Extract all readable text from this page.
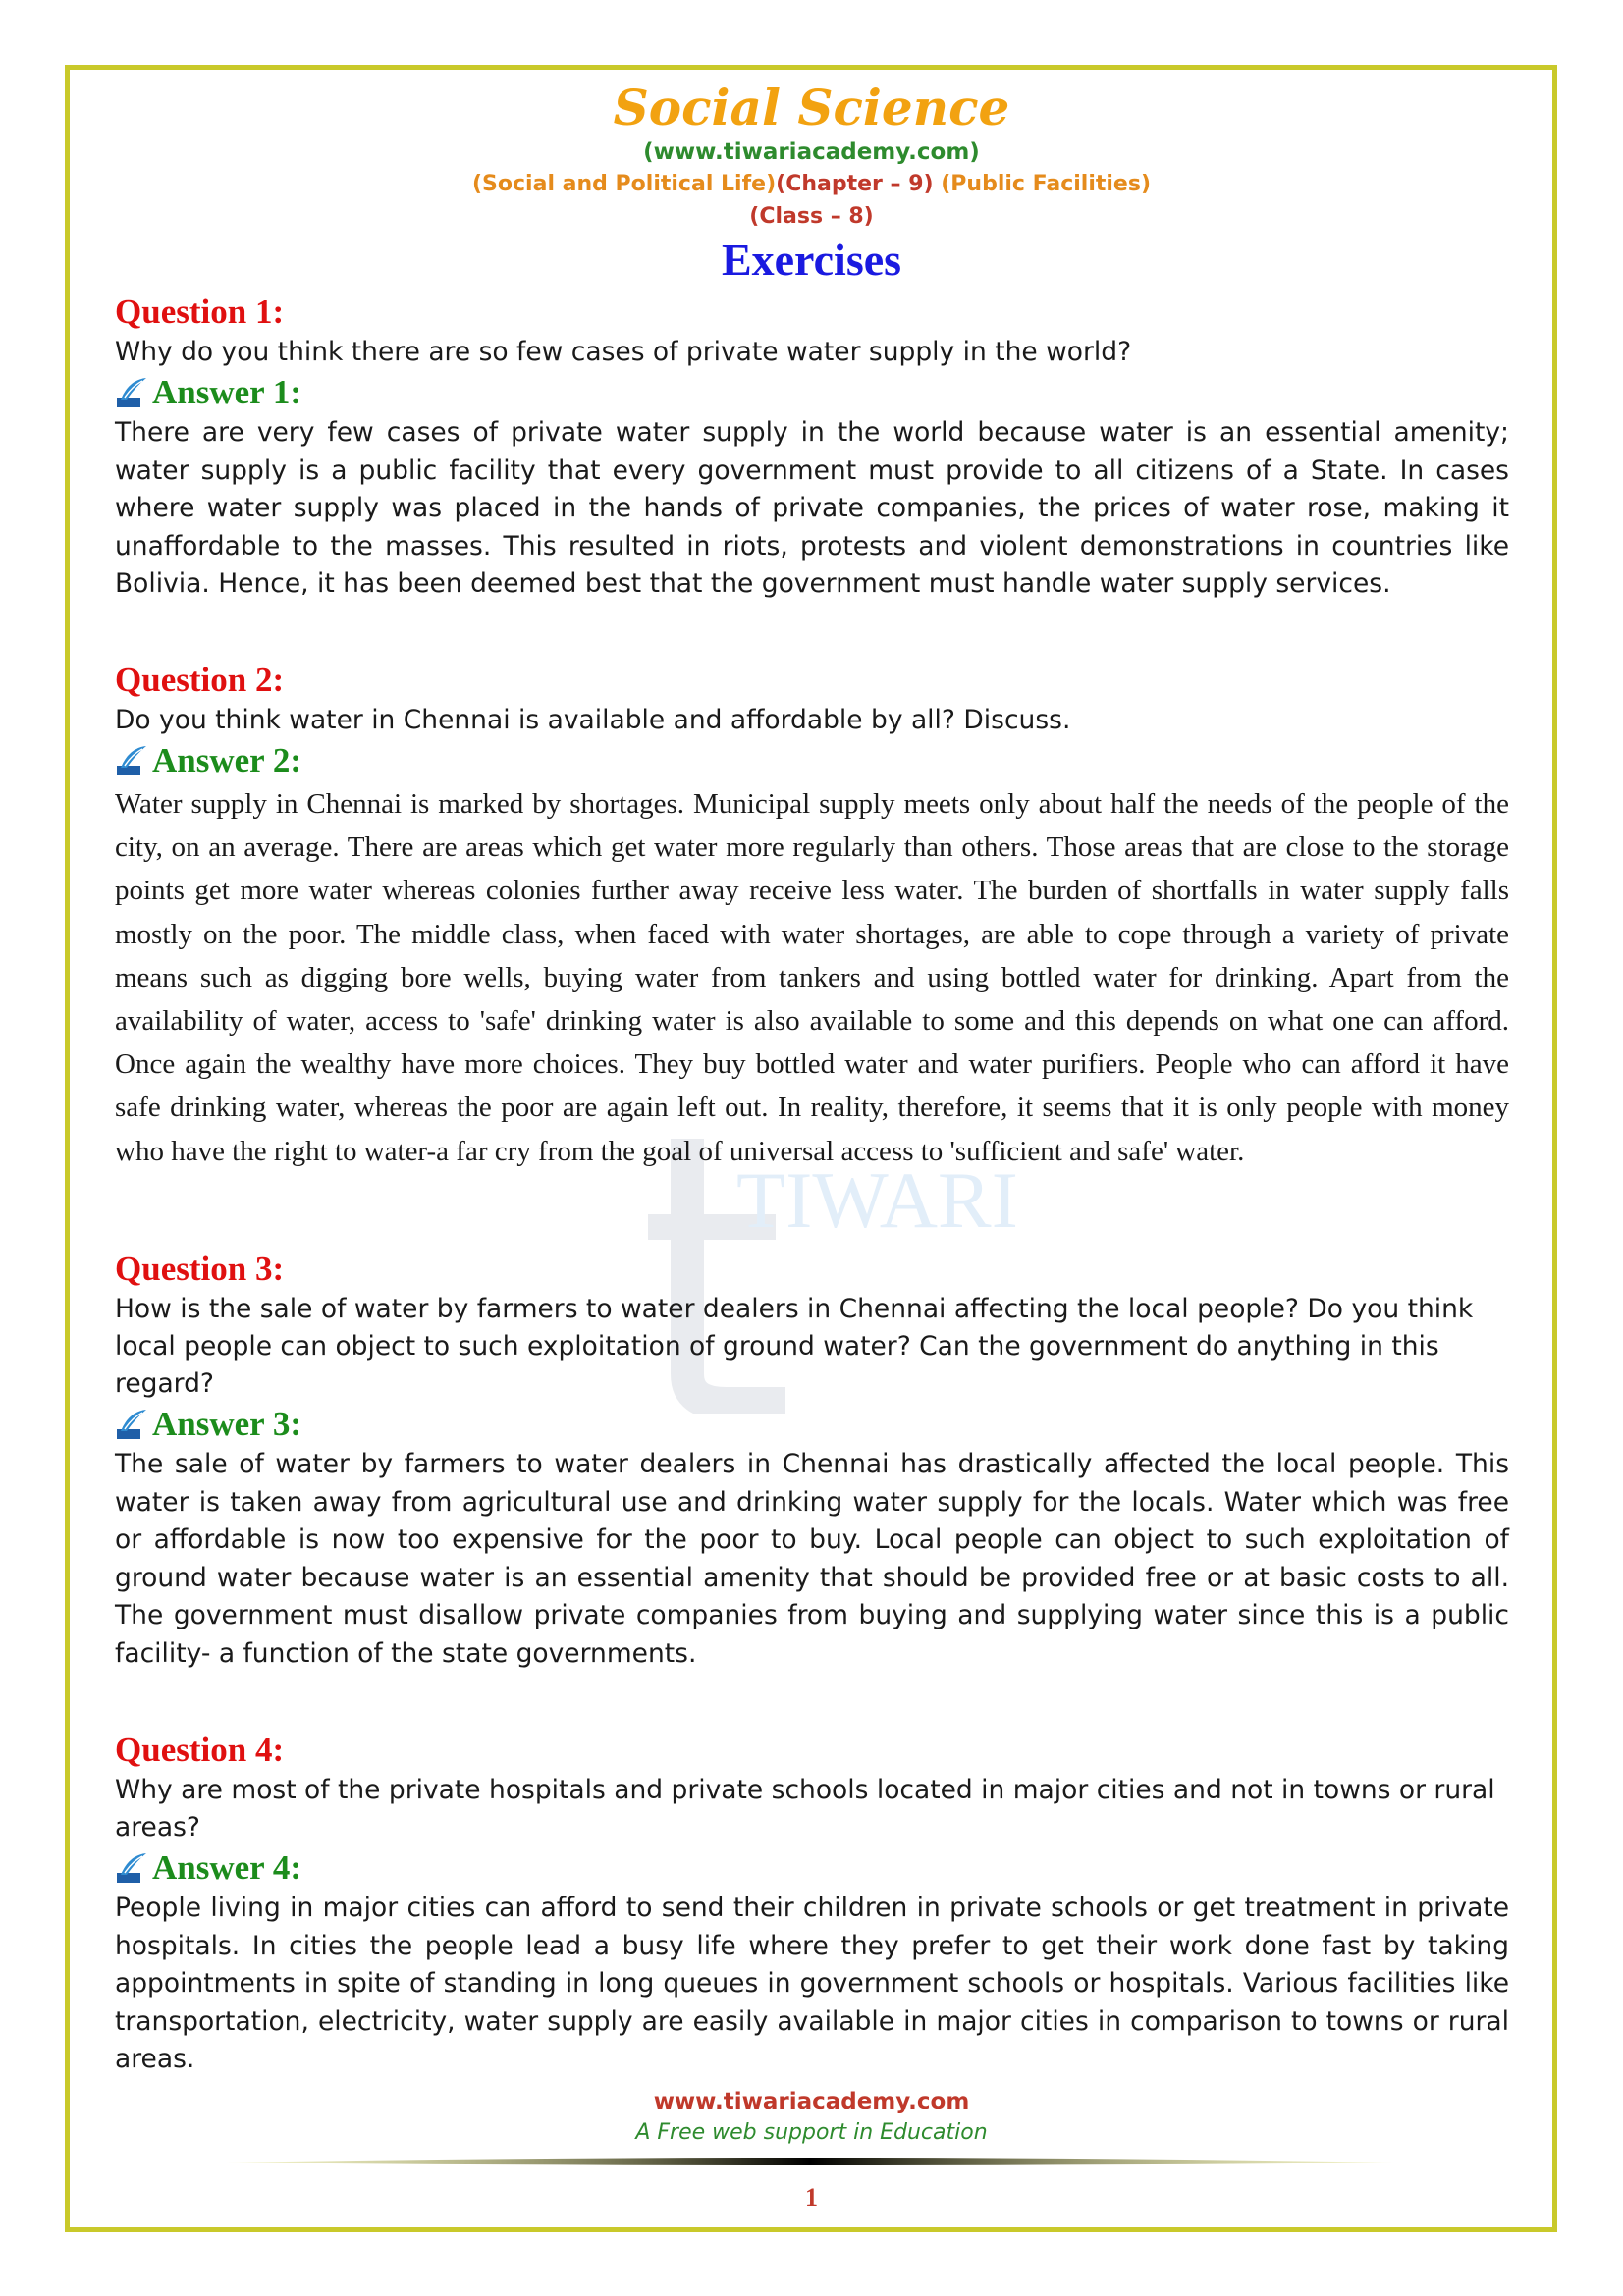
TIWARI
Social Science
(www.tiwariacademy.com)
(Social and Political Life)(Chapter – 9) (Public Facilities)
(Class – 8)
Exercises
Question 1:
Why do you think there are so few cases of private water supply in the world?
Answer 1:
There are very few cases of private water supply in the world because water is an essential amenity; water supply is a public facility that every government must provide to all citizens of a State. In cases where water supply was placed in the hands of private companies, the prices of water rose, making it unaffordable to the masses. This resulted in riots, protests and violent demonstrations in countries like Bolivia. Hence, it has been deemed best that the government must handle water supply services.
Question 2:
Do you think water in Chennai is available and affordable by all? Discuss.
Answer 2:
Water supply in Chennai is marked by shortages. Municipal supply meets only about half the needs of the people of the city, on an average. There are areas which get water more regularly than others. Those areas that are close to the storage points get more water whereas colonies further away receive less water. The burden of shortfalls in water supply falls mostly on the poor. The middle class, when faced with water shortages, are able to cope through a variety of private means such as digging bore wells, buying water from tankers and using bottled water for drinking. Apart from the availability of water, access to 'safe' drinking water is also available to some and this depends on what one can afford. Once again the wealthy have more choices. They buy bottled water and water purifiers. People who can afford it have safe drinking water, whereas the poor are again left out. In reality, therefore, it seems that it is only people with money who have the right to water-a far cry from the goal of universal access to 'sufficient and safe' water.
Question 3:
How is the sale of water by farmers to water dealers in Chennai affecting the local people? Do you think local people can object to such exploitation of ground water? Can the government do anything in this regard?
Answer 3:
The sale of water by farmers to water dealers in Chennai has drastically affected the local people. This water is taken away from agricultural use and drinking water supply for the locals. Water which was free or affordable is now too expensive for the poor to buy. Local people can object to such exploitation of ground water because water is an essential amenity that should be provided free or at basic costs to all. The government must disallow private companies from buying and supplying water since this is a public facility- a function of the state governments.
Question 4:
Why are most of the private hospitals and private schools located in major cities and not in towns or rural areas?
Answer 4:
People living in major cities can afford to send their children in private schools or get treatment in private hospitals. In cities the people lead a busy life where they prefer to get their work done fast by taking appointments in spite of standing in long queues in government schools or hospitals. Various facilities like transportation, electricity, water supply are easily available in major cities in comparison to towns or rural areas.
www.tiwariacademy.com
A Free web support in Education
1
